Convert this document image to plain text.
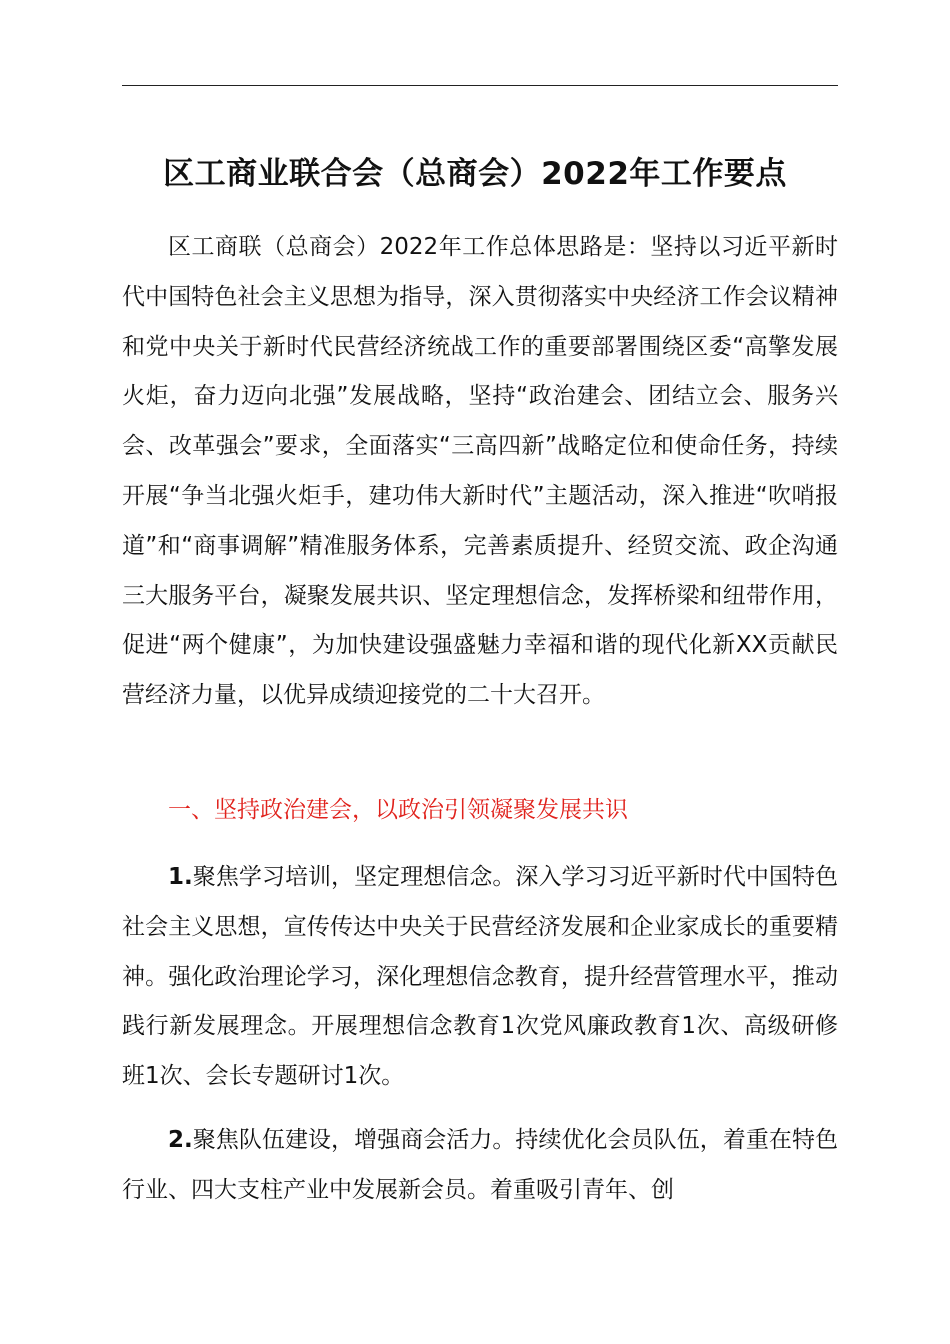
区工商业联合会（总商会）2022年工作要点

区工商联（总商会）2022年工作总体思路是：坚持以习近平新时代中国特色社会主义思想为指导，深入贯彻落实中央经济工作会议精神和党中央关于新时代民营经济统战工作的重要部署围绕区委“高擎发展火炬，奋力迈向北强”发展战略，坚持“政治建会、团结立会、服务兴会、改革强会”要求，全面落实“三高四新”战略定位和使命任务，持续开展“争当北强火炬手，建功伟大新时代”主题活动，深入推进“吹哨报道”和“商事调解”精准服务体系，完善素质提升、经贸交流、政企沟通三大服务平台，凝聚发展共识、坚定理想信念，发挥桥梁和纽带作用，促进“两个健康”，为加快建设强盛魅力幸福和谐的现代化新XX贡献民营经济力量，以优异成绩迎接党的二十大召开。

一、坚持政治建会，以政治引领凝聚发展共识

1.聚焦学习培训，坚定理想信念。深入学习习近平新时代中国特色社会主义思想，宣传传达中央关于民营经济发展和企业家成长的重要精神。强化政治理论学习，深化理想信念教育，提升经营管理水平，推动践行新发展理念。开展理想信念教育1次党风廉政教育1次、高级研修班1次、会长专题研讨1次。

2.聚焦队伍建设，增强商会活力。持续优化会员队伍，着重在特色行业、四大支柱产业中发展新会员。着重吸引青年、创
